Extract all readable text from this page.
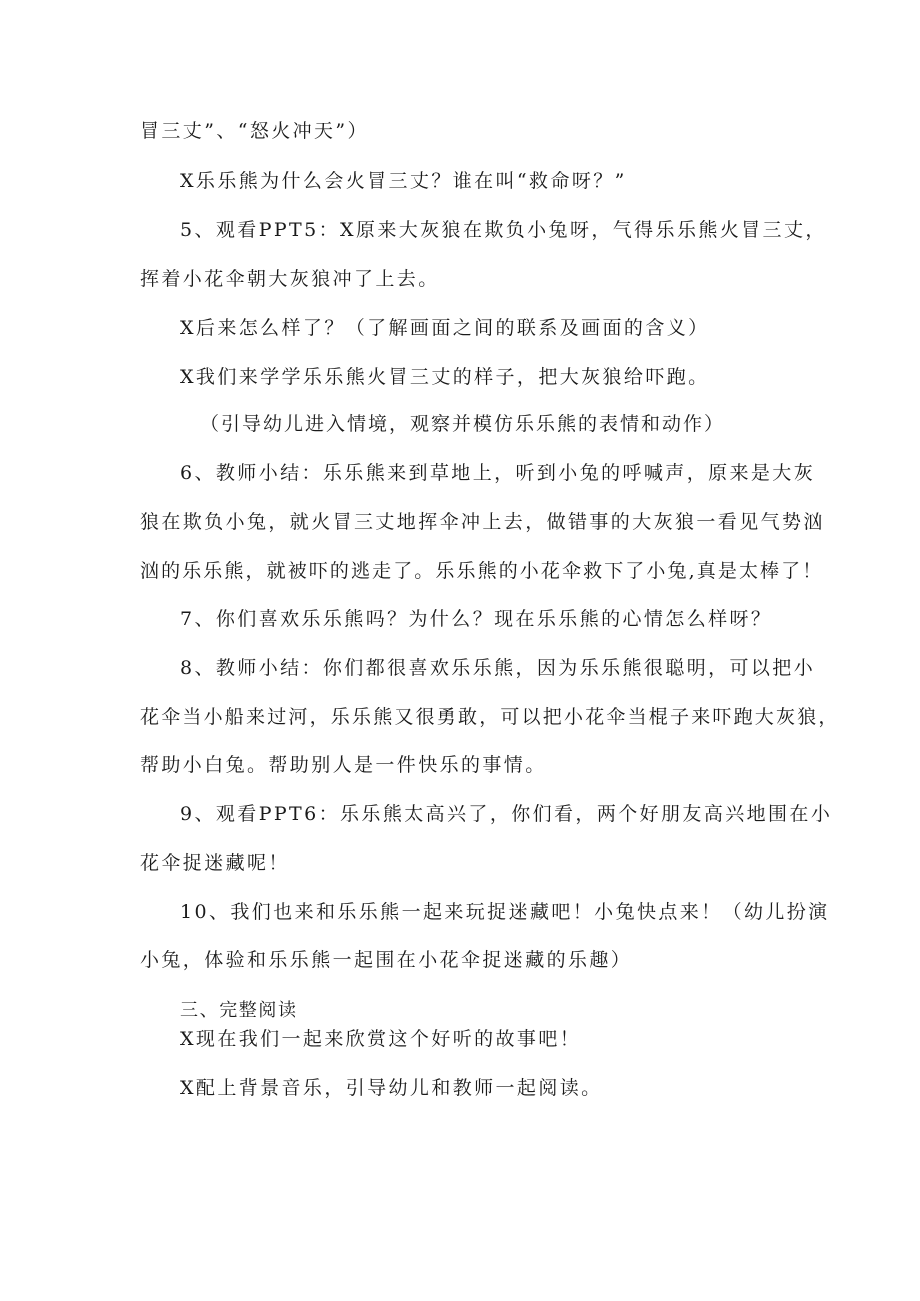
冒三丈”、“怒火冲天”）
X乐乐熊为什么会火冒三丈？谁在叫“救命呀？”
5、观看PPT5：X原来大灰狼在欺负小兔呀，气得乐乐熊火冒三丈，
挥着小花伞朝大灰狼冲了上去。
X后来怎么样了？（了解画面之间的联系及画面的含义）
X我们来学学乐乐熊火冒三丈的样子，把大灰狼给吓跑。
（引导幼儿进入情境，观察并模仿乐乐熊的表情和动作）
6、教师小结：乐乐熊来到草地上，听到小兔的呼喊声，原来是大灰
狼在欺负小兔，就火冒三丈地挥伞冲上去，做错事的大灰狼一看见气势汹
汹的乐乐熊，就被吓的逃走了。乐乐熊的小花伞救下了小兔,真是太棒了！
7、你们喜欢乐乐熊吗？为什么？现在乐乐熊的心情怎么样呀？
8、教师小结：你们都很喜欢乐乐熊，因为乐乐熊很聪明，可以把小
花伞当小船来过河，乐乐熊又很勇敢，可以把小花伞当棍子来吓跑大灰狼，
帮助小白兔。帮助别人是一件快乐的事情。
9、观看PPT6：乐乐熊太高兴了，你们看，两个好朋友高兴地围在小
花伞捉迷藏呢！
10、我们也来和乐乐熊一起来玩捉迷藏吧！小兔快点来！（幼儿扮演
小兔，体验和乐乐熊一起围在小花伞捉迷藏的乐趣）
三、完整阅读
X现在我们一起来欣赏这个好听的故事吧！
X配上背景音乐，引导幼儿和教师一起阅读。
